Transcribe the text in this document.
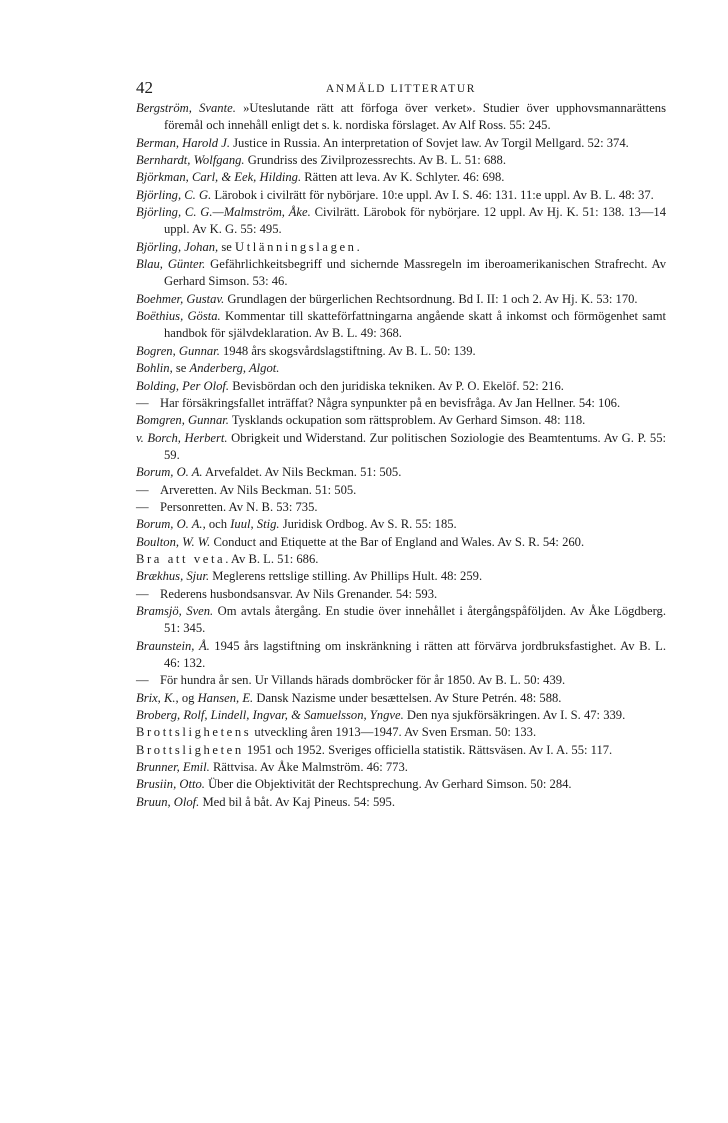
42	ANMÄLD LITTERATUR

Bergström, Svante. »Uteslutande rätt att förfoga över verket». Studier över upphovsmannarättens föremål och innehåll enligt det s. k. nordiska förslaget. Av Alf Ross. 55: 245.

Berman, Harold J. Justice in Russia. An interpretation of Sovjet law. Av Torgil Mellgard. 52: 374.

Bernhardt, Wolfgang. Grundriss des Zivilprozessrechts. Av B. L. 51: 688.

Björkman, Carl, & Eek, Hilding. Rätten att leva. Av K. Schlyter. 46: 698.

Björling, C. G. Lärobok i civilrätt för nybörjare. 10:e uppl. Av I. S. 46: 131. 11:e uppl. Av B. L. 48: 37.

Björling, C. G.—Malmström, Åke. Civilrätt. Lärobok för nybörjare. 12 uppl. Av Hj. K. 51: 138. 13—14 uppl. Av K. G. 55: 495.

Björling, Johan, se Utlänningslagen.

Blau, Günter. Gefährlichkeitsbegriff und sichernde Massregeln im iberoamerikanischen Strafrecht. Av Gerhard Simson. 53: 46.

Boehmer, Gustav. Grundlagen der bürgerlichen Rechtsordnung. Bd I. II: 1 och 2. Av Hj. K. 53: 170.

Boëthius, Gösta. Kommentar till skatteförfattningarna angående skatt å inkomst och förmögenhet samt handbok för självdeklaration. Av B. L. 49: 368.

Bogren, Gunnar. 1948 års skogsvårdslagstiftning. Av B. L. 50: 139.

Bohlin, se Anderberg, Algot.

Bolding, Per Olof. Bevisbördan och den juridiska tekniken. Av P. O. Ekelöf. 52: 216.

— Har försäkringsfallet inträffat? Några synpunkter på en bevisfråga. Av Jan Hellner. 54: 106.

Bomgren, Gunnar. Tysklands ockupation som rättsproblem. Av Gerhard Simson. 48: 118.

v. Borch, Herbert. Obrigkeit und Widerstand. Zur politischen Soziologie des Beamtentums. Av G. P. 55: 59.

Borum, O. A. Arvefaldet. Av Nils Beckman. 51: 505.

— Arveretten. Av Nils Beckman. 51: 505.

— Personretten. Av N. B. 53: 735.

Borum, O. A., och Iuul, Stig. Juridisk Ordbog. Av S. R. 55: 185.

Boulton, W. W. Conduct and Etiquette at the Bar of England and Wales. Av S. R. 54: 260.

Bra att veta. Av B. L. 51: 686.

Brækhus, Sjur. Meglerens rettslige stilling. Av Phillips Hult. 48: 259.

— Rederens husbondsansvar. Av Nils Grenander. 54: 593.

Bramsjö, Sven. Om avtals återgång. En studie över innehållet i återgångspåföljden. Av Åke Lögdberg. 51: 345.

Braunstein, Å. 1945 års lagstiftning om inskränkning i rätten att förvärva jordbruksfastighet. Av B. L. 46: 132.

— För hundra år sen. Ur Villands härads dombröcker för år 1850. Av B. L. 50: 439.

Brix, K., og Hansen, E. Dansk Nazisme under besættelsen. Av Sture Petrén. 48: 588.

Broberg, Rolf, Lindell, Ingvar, & Samuelsson, Yngve. Den nya sjukförsäkringen. Av I. S. 47: 339.

Brottslighetens utveckling åren 1913—1947. Av Sven Ersman. 50: 133.

Brottsligheten 1951 och 1952. Sveriges officiella statistik. Rättsväsen. Av I. A. 55: 117.

Brunner, Emil. Rättvisa. Av Åke Malmström. 46: 773.

Brusiin, Otto. Über die Objektivität der Rechtsprechung. Av Gerhard Simson. 50: 284.

Bruun, Olof. Med bil å båt. Av Kaj Pineus. 54: 595.
